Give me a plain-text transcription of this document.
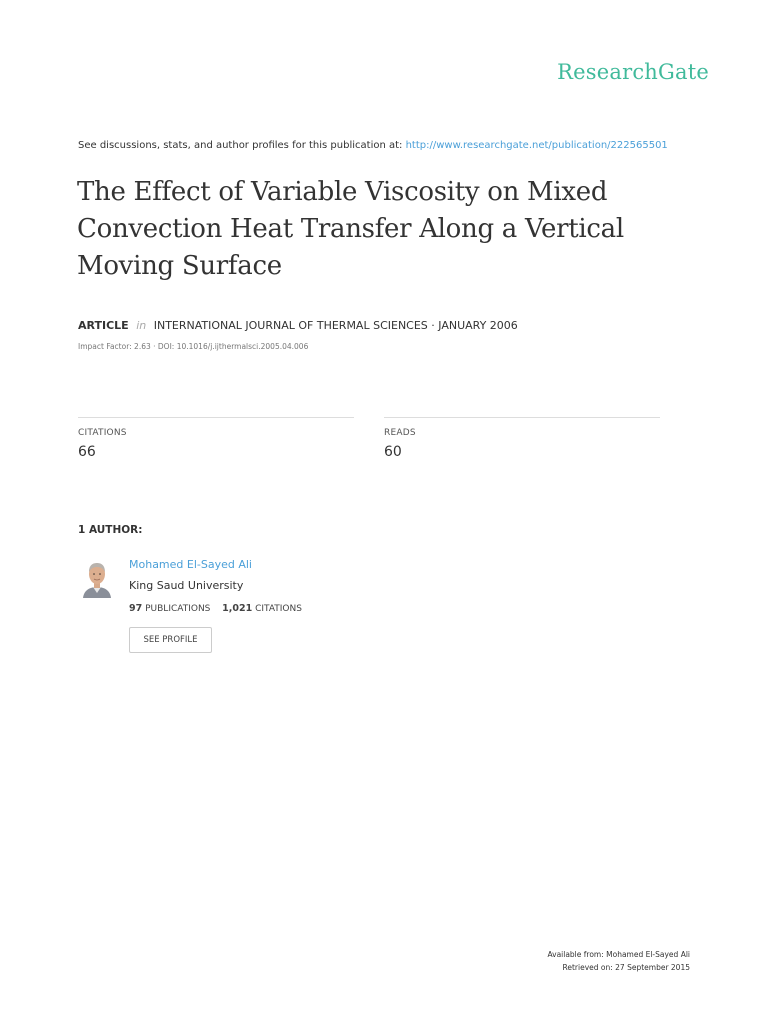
ResearchGate
See discussions, stats, and author profiles for this publication at: http://www.researchgate.net/publication/222565501
The Effect of Variable Viscosity on Mixed
Convection Heat Transfer Along a Vertical
Moving Surface
ARTICLE in INTERNATIONAL JOURNAL OF THERMAL SCIENCES · JANUARY 2006
Impact Factor: 2.63 · DOI: 10.1016/j.ijthermalsci.2005.04.006
CITATIONS
66
READS
60
1 AUTHOR:
Mohamed El-Sayed Ali
King Saud University
97 PUBLICATIONS 1,021 CITATIONS
SEE PROFILE
Available from: Mohamed El-Sayed Ali
Retrieved on: 27 September 2015
